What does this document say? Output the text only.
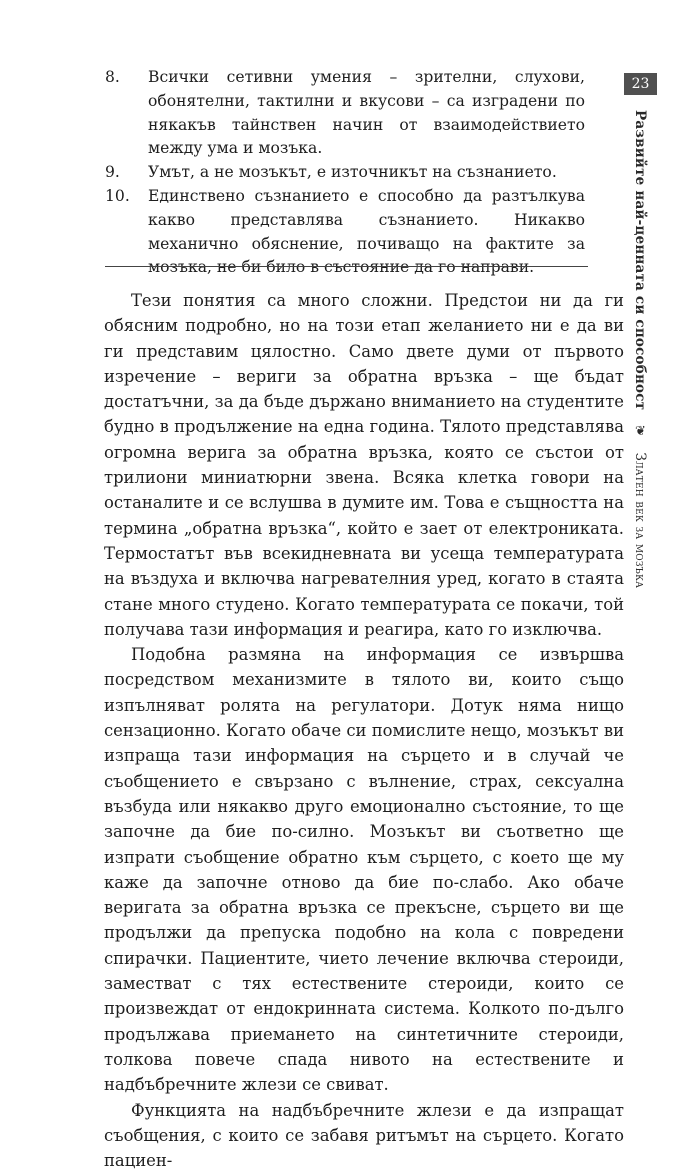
8. Всички сетивни умения – зрителни, слухови, обонятелни, тактилни и вкусови – са изградени по някакъв тайнствен начин от взаимодействието между ума и мозъка.
9. Умът, а не мозъкът, е източникът на съзнанието.
10. Единствено съзнанието е способно да разтълкува какво представлява съзнанието. Никакво механично обяснение, почиващо на фактите за мозъка, не би било в състояние да го направи.

Тези понятия са много сложни. Предстои ни да ги обясним подробно, но на този етап желанието ни е да ви ги представим цялостно. Само двете думи от първото изречение – вериги за обратна връзка – ще бъдат достатъчни, за да бъде държано вниманието на студентите будно в продължение на една година. Тялото представлява огромна верига за обратна връзка, която се състои от трилиони миниатюрни звена. Всяка клетка говори на останалите и се вслушва в думите им. Това е същността на термина „обратна връзка“, който е зает от електрониката. Термостатът във всекидневната ви усеща температурата на въздуха и включва нагревателния уред, когато в стаята стане много студено. Когато температурата се покачи, той получава тази информация и реагира, като го изключва.

Подобна размяна на информация се извършва посредством механизмите в тялото ви, които също изпълняват ролята на регулатори. Дотук няма нищо сензационно. Когато обаче си помислите нещо, мозъкът ви изпраща тази информация на сърцето и в случай че съобщението е свързано с вълнение, страх, сексуална възбуда или някакво друго емоционално състояние, то ще започне да бие по-силно. Мозъкът ви съответно ще изпрати съобщение обратно към сърцето, с което ще му каже да започне отново да бие по-слабо. Ако обаче веригата за обратна връзка се прекъсне, сърцето ви ще продължи да препуска подобно на кола с повредени спирачки. Пациентите, чието лечение включва стероиди, заместват с тях естествените стероиди, които се произвеждат от ендокринната система. Колкото по-дълго продължава приемането на синтетичните стероиди, толкова повече спада нивото на естествените и надбъбречните жлези се свиват.

Функцията на надбъбречните жлези е да изпращат съобщения, с които се забавя ритъмът на сърцето. Когато пациен-

23
Развийте най-ценната си способност ❦ Златен век за мозъка
